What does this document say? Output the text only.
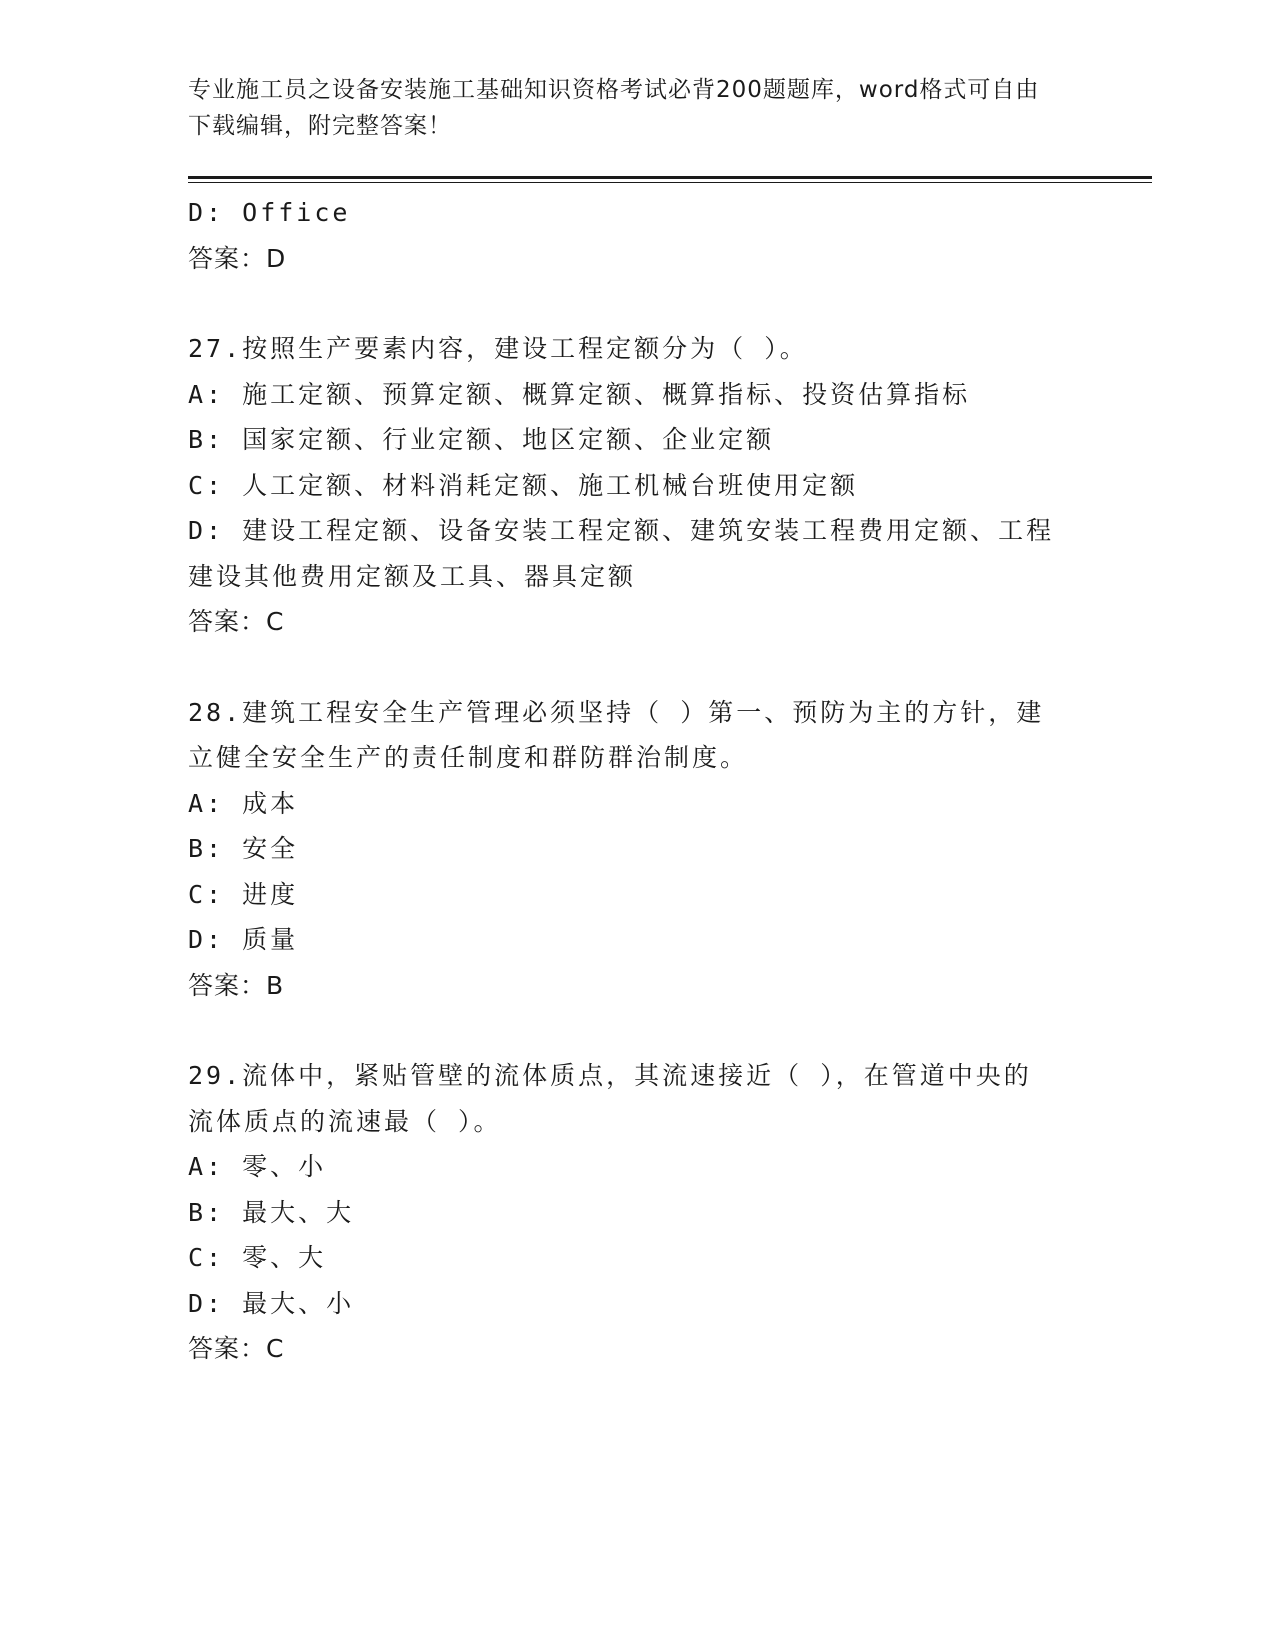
专业施工员之设备安装施工基础知识资格考试必背200题题库，word格式可自由
下载编辑，附完整答案！
D: Office
答案：D
27.按照生产要素内容，建设工程定额分为（ ）。
A: 施工定额、预算定额、概算定额、概算指标、投资估算指标
B: 国家定额、行业定额、地区定额、企业定额
C: 人工定额、材料消耗定额、施工机械台班使用定额
D: 建设工程定额、设备安装工程定额、建筑安装工程费用定额、工程
建设其他费用定额及工具、器具定额
答案：C
28.建筑工程安全生产管理必须坚持（ ）第一、预防为主的方针，建
立健全安全生产的责任制度和群防群治制度。
A: 成本
B: 安全
C: 进度
D: 质量
答案：B
29.流体中，紧贴管壁的流体质点，其流速接近（ ），在管道中央的
流体质点的流速最（ ）。
A: 零、小
B: 最大、大
C: 零、大
D: 最大、小
答案：C
